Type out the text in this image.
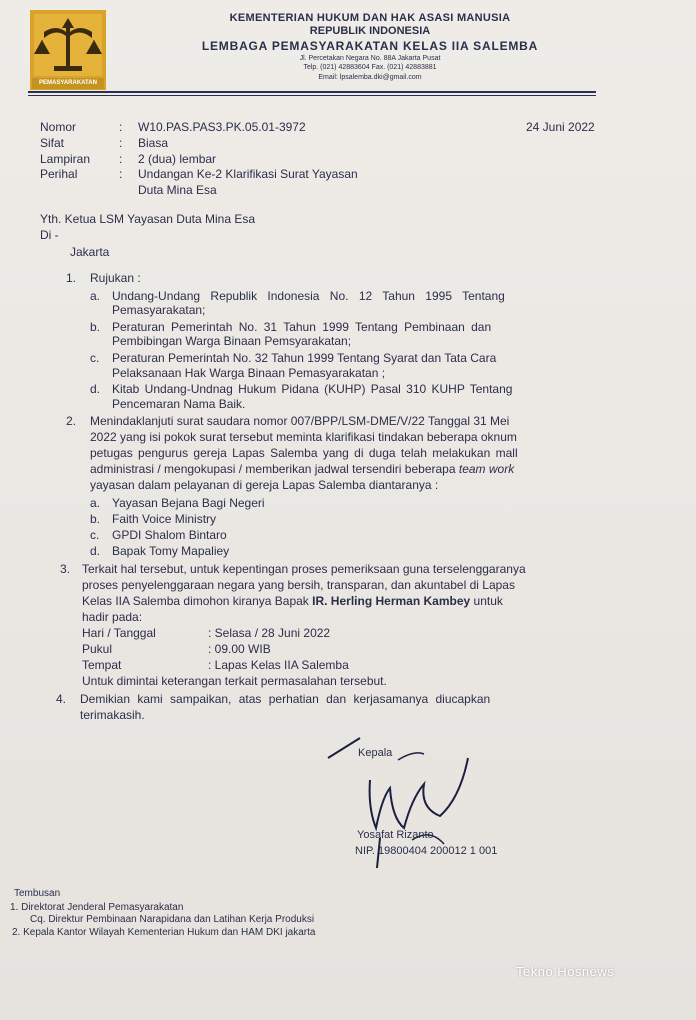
PEMASYARAKATAN
KEMENTERIAN HUKUM DAN HAK ASASI MANUSIA
REPUBLIK INDONESIA
LEMBAGA PEMASYARAKATAN KELAS IIA SALEMBA
Jl. Percetakan Negara No. 88A Jakarta Pusat
Telp. (021) 42883604 Fax. (021) 42883881
Email: lpsalemba.dki@gmail.com
Nomor	: W10.PAS.PAS3.PK.05.01-3972	24 Juni 2022
Sifat	: Biasa
Lampiran : 2 (dua) lembar
Perihal	: Undangan Ke-2 Klarifikasi Surat Yayasan
Duta Mina Esa
Yth. Ketua LSM Yayasan Duta Mina Esa
Di -
Jakarta
1. Rujukan :
a. Undang-Undang Republik Indonesia No. 12 Tahun 1995 Tentang
Pemasyarakatan;
b. Peraturan Pemerintah No. 31 Tahun 1999 Tentang Pembinaan dan
Pembibingan Warga Binaan Pemsyarakatan;
c. Peraturan Pemerintah No. 32 Tahun 1999 Tentang Syarat dan Tata Cara
Pelaksanaan Hak Warga Binaan Pemasyarakatan ;
d. Kitab Undang-Undnag Hukum Pidana (KUHP) Pasal 310 KUHP Tentang
Pencemaran Nama Baik.
2. Menindaklanjuti surat saudara nomor 007/BPP/LSM-DME/V/22 Tanggal 31 Mei
2022 yang isi pokok surat tersebut meminta klarifikasi tindakan beberapa oknum
petugas pengurus gereja Lapas Salemba yang di duga telah melakukan mall
administrasi / mengokupasi / memberikan jadwal tersendiri beberapa team work
yayasan dalam pelayanan di gereja Lapas Salemba diantaranya :
a. Yayasan Bejana Bagi Negeri
b. Faith Voice Ministry
c. GPDI Shalom Bintaro
d. Bapak Tomy Mapaliey
3. Terkait hal tersebut, untuk kepentingan proses pemeriksaan guna terselenggaranya
proses penyelenggaraan negara yang bersih, transparan, dan akuntabel di Lapas
Kelas IIA Salemba dimohon kiranya Bapak IR. Herling Herman Kambey untuk
hadir pada:
Hari / Tanggal	: Selasa / 28 Juni 2022
Pukul	: 09.00 WIB
Tempat	: Lapas Kelas IIA Salemba
Untuk dimintai keterangan terkait permasalahan tersebut.
4. Demikian kami sampaikan, atas perhatian dan kerjasamanya diucapkan
terimakasih.
Kepala
Yosafat Rizanto
NIP. 19800404 200012 1 001
Tembusan
1. Direktorat Jenderal Pemasyarakatan
Cq. Direktur Pembinaan Narapidana dan Latihan Kerja Produksi
2. Kepala Kantor Wilayah Kementerian Hukum dan HAM DKI jakarta
Tekno Hosnews
